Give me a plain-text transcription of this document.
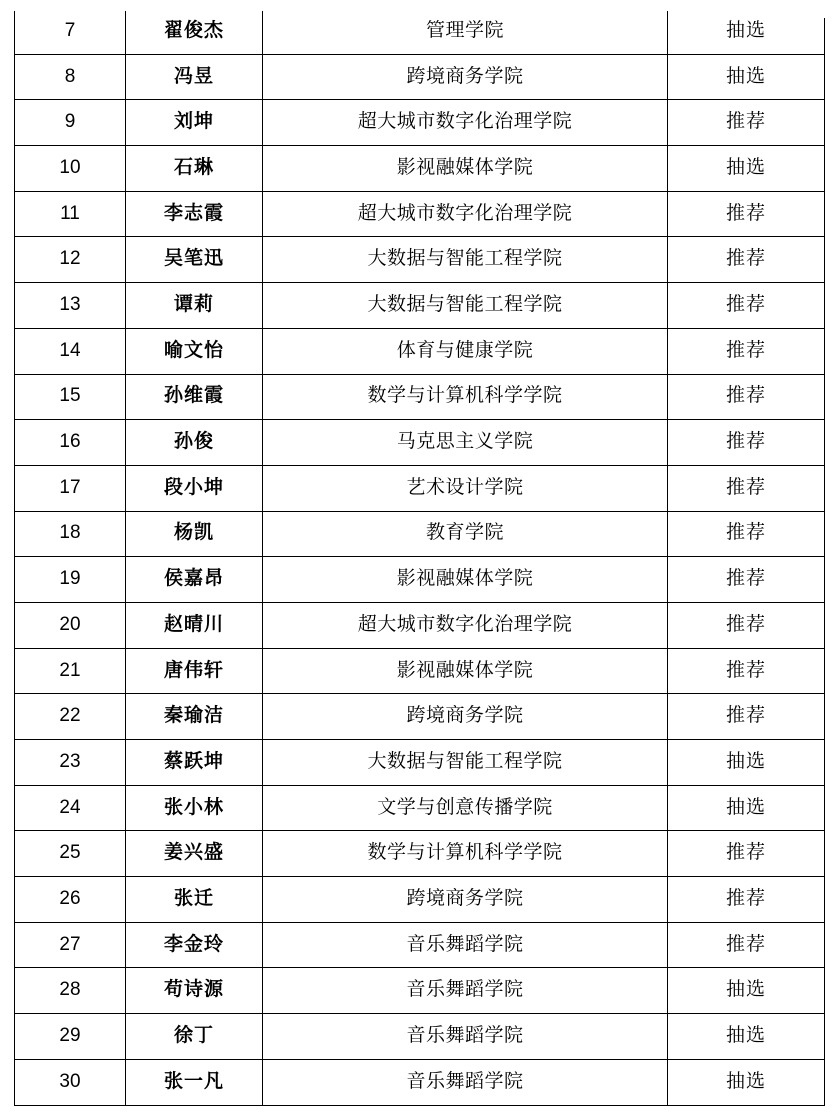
7	翟俊杰	管理学院	抽选
8	冯昱	跨境商务学院	抽选
9	刘坤	超大城市数字化治理学院	推荐
10	石琳	影视融媒体学院	抽选
11	李志霞	超大城市数字化治理学院	推荐
12	吴笔迅	大数据与智能工程学院	推荐
13	谭莉	大数据与智能工程学院	推荐
14	喻文怡	体育与健康学院	推荐
15	孙维霞	数学与计算机科学学院	推荐
16	孙俊	马克思主义学院	推荐
17	段小坤	艺术设计学院	推荐
18	杨凯	教育学院	推荐
19	侯嘉昂	影视融媒体学院	推荐
20	赵晴川	超大城市数字化治理学院	推荐
21	唐伟轩	影视融媒体学院	推荐
22	秦瑜洁	跨境商务学院	推荐
23	蔡跃坤	大数据与智能工程学院	抽选
24	张小林	文学与创意传播学院	抽选
25	姜兴盛	数学与计算机科学学院	推荐
26	张迁	跨境商务学院	推荐
27	李金玲	音乐舞蹈学院	推荐
28	苟诗源	音乐舞蹈学院	抽选
29	徐丁	音乐舞蹈学院	抽选
30	张一凡	音乐舞蹈学院	抽选
